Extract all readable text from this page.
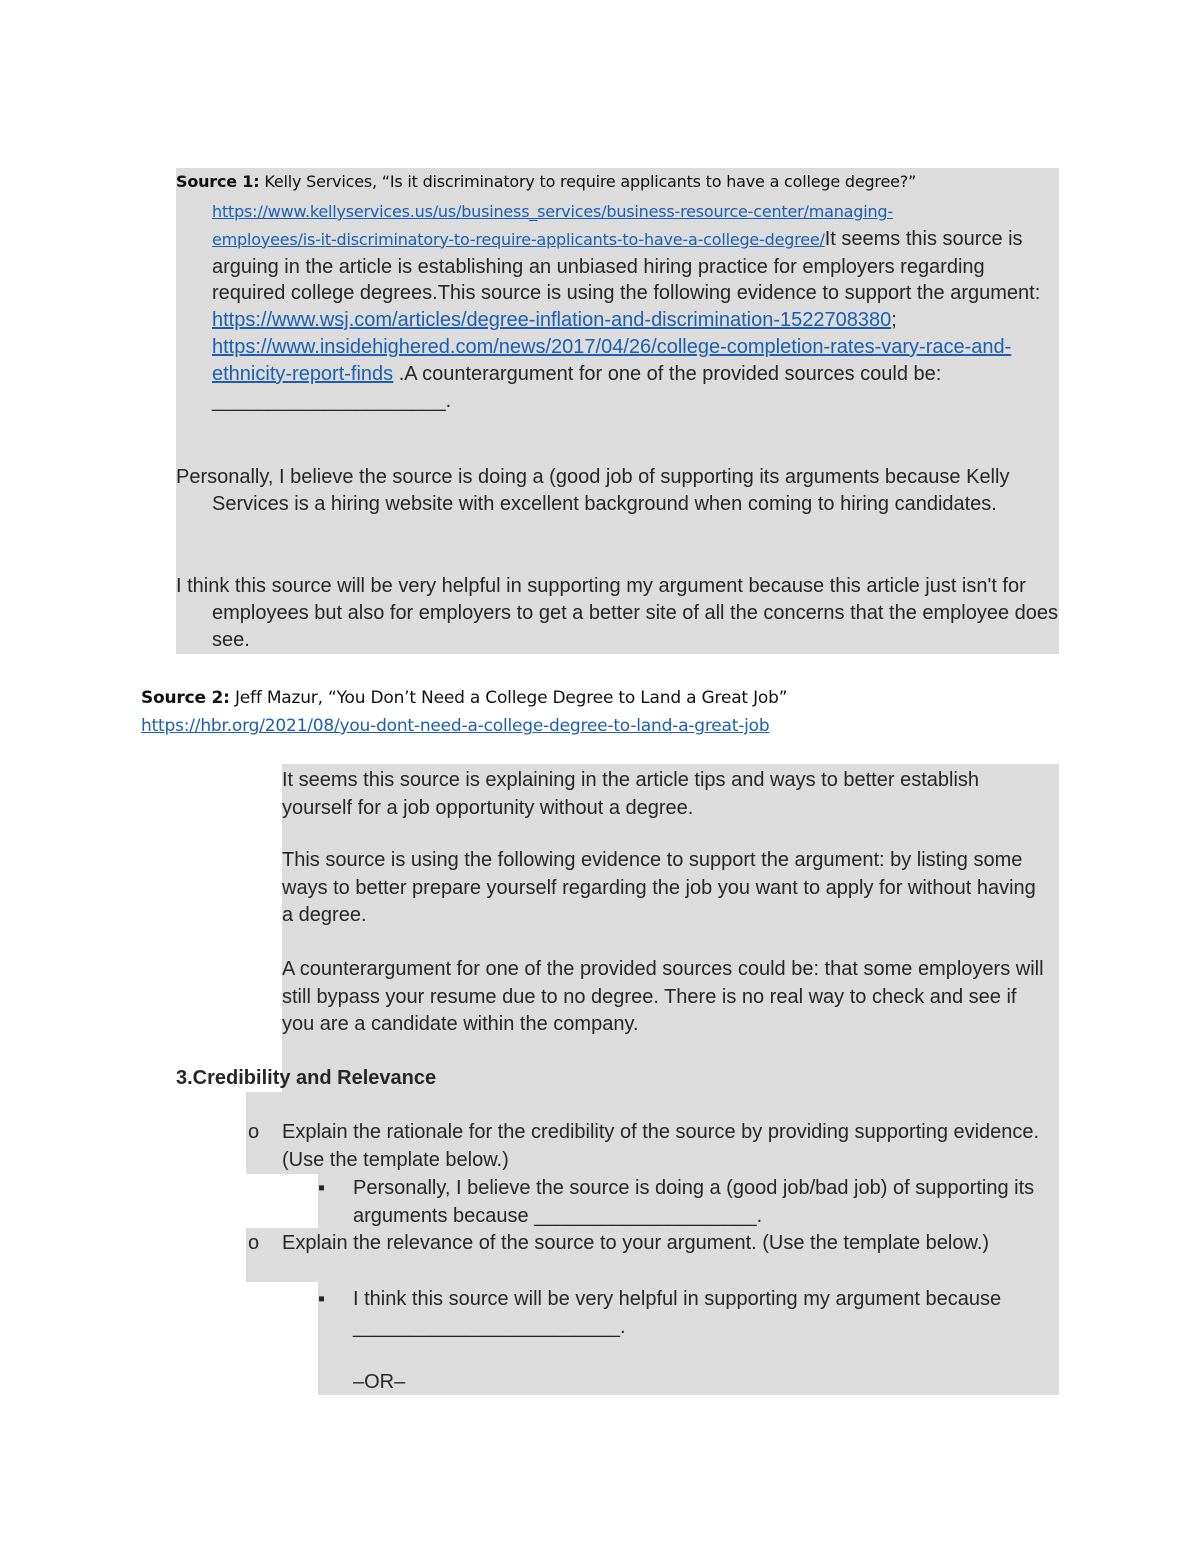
Source 1: Kelly Services, “Is it discriminatory to require applicants to have a college degree?”
https://www.kellyservices.us/us/business_services/business-resource-center/managing-
employees/is-it-discriminatory-to-require-applicants-to-have-a-college-degree/It seems this source is arguing in the article is establishing an unbiased hiring practice for employers regarding required college degrees.This source is using the following evidence to support the argument: https://www.wsj.com/articles/degree-inflation-and-discrimination-1522708380; https://www.insidehighered.com/news/2017/04/26/college-completion-rates-vary-race-and-ethnicity-report-finds .A counterargument for one of the provided sources could be: _____________________.

Personally, I believe the source is doing a (good job of supporting its arguments because Kelly Services is a hiring website with excellent background when coming to hiring candidates.

I think this source will be very helpful in supporting my argument because this article just isn't for employees but also for employers to get a better site of all the concerns that the employee does see.

Source 2: Jeff Mazur, “You Don’t Need a College Degree to Land a Great Job”
https://hbr.org/2021/08/you-dont-need-a-college-degree-to-land-a-great-job

It seems this source is explaining in the article tips and ways to better establish yourself for a job opportunity without a degree.

This source is using the following evidence to support the argument: by listing some ways to better prepare yourself regarding the job you want to apply for without having a degree.

A counterargument for one of the provided sources could be: that some employers will still bypass your resume due to no degree. There is no real way to check and see if you are a candidate within the company.

3.Credibility and Relevance
o Explain the rationale for the credibility of the source by providing supporting evidence. (Use the template below.)
▪ Personally, I believe the source is doing a (good job/bad job) of supporting its arguments because ____________________.
o Explain the relevance of the source to your argument. (Use the template below.)
▪ I think this source will be very helpful in supporting my argument because ________________________.
–OR–
